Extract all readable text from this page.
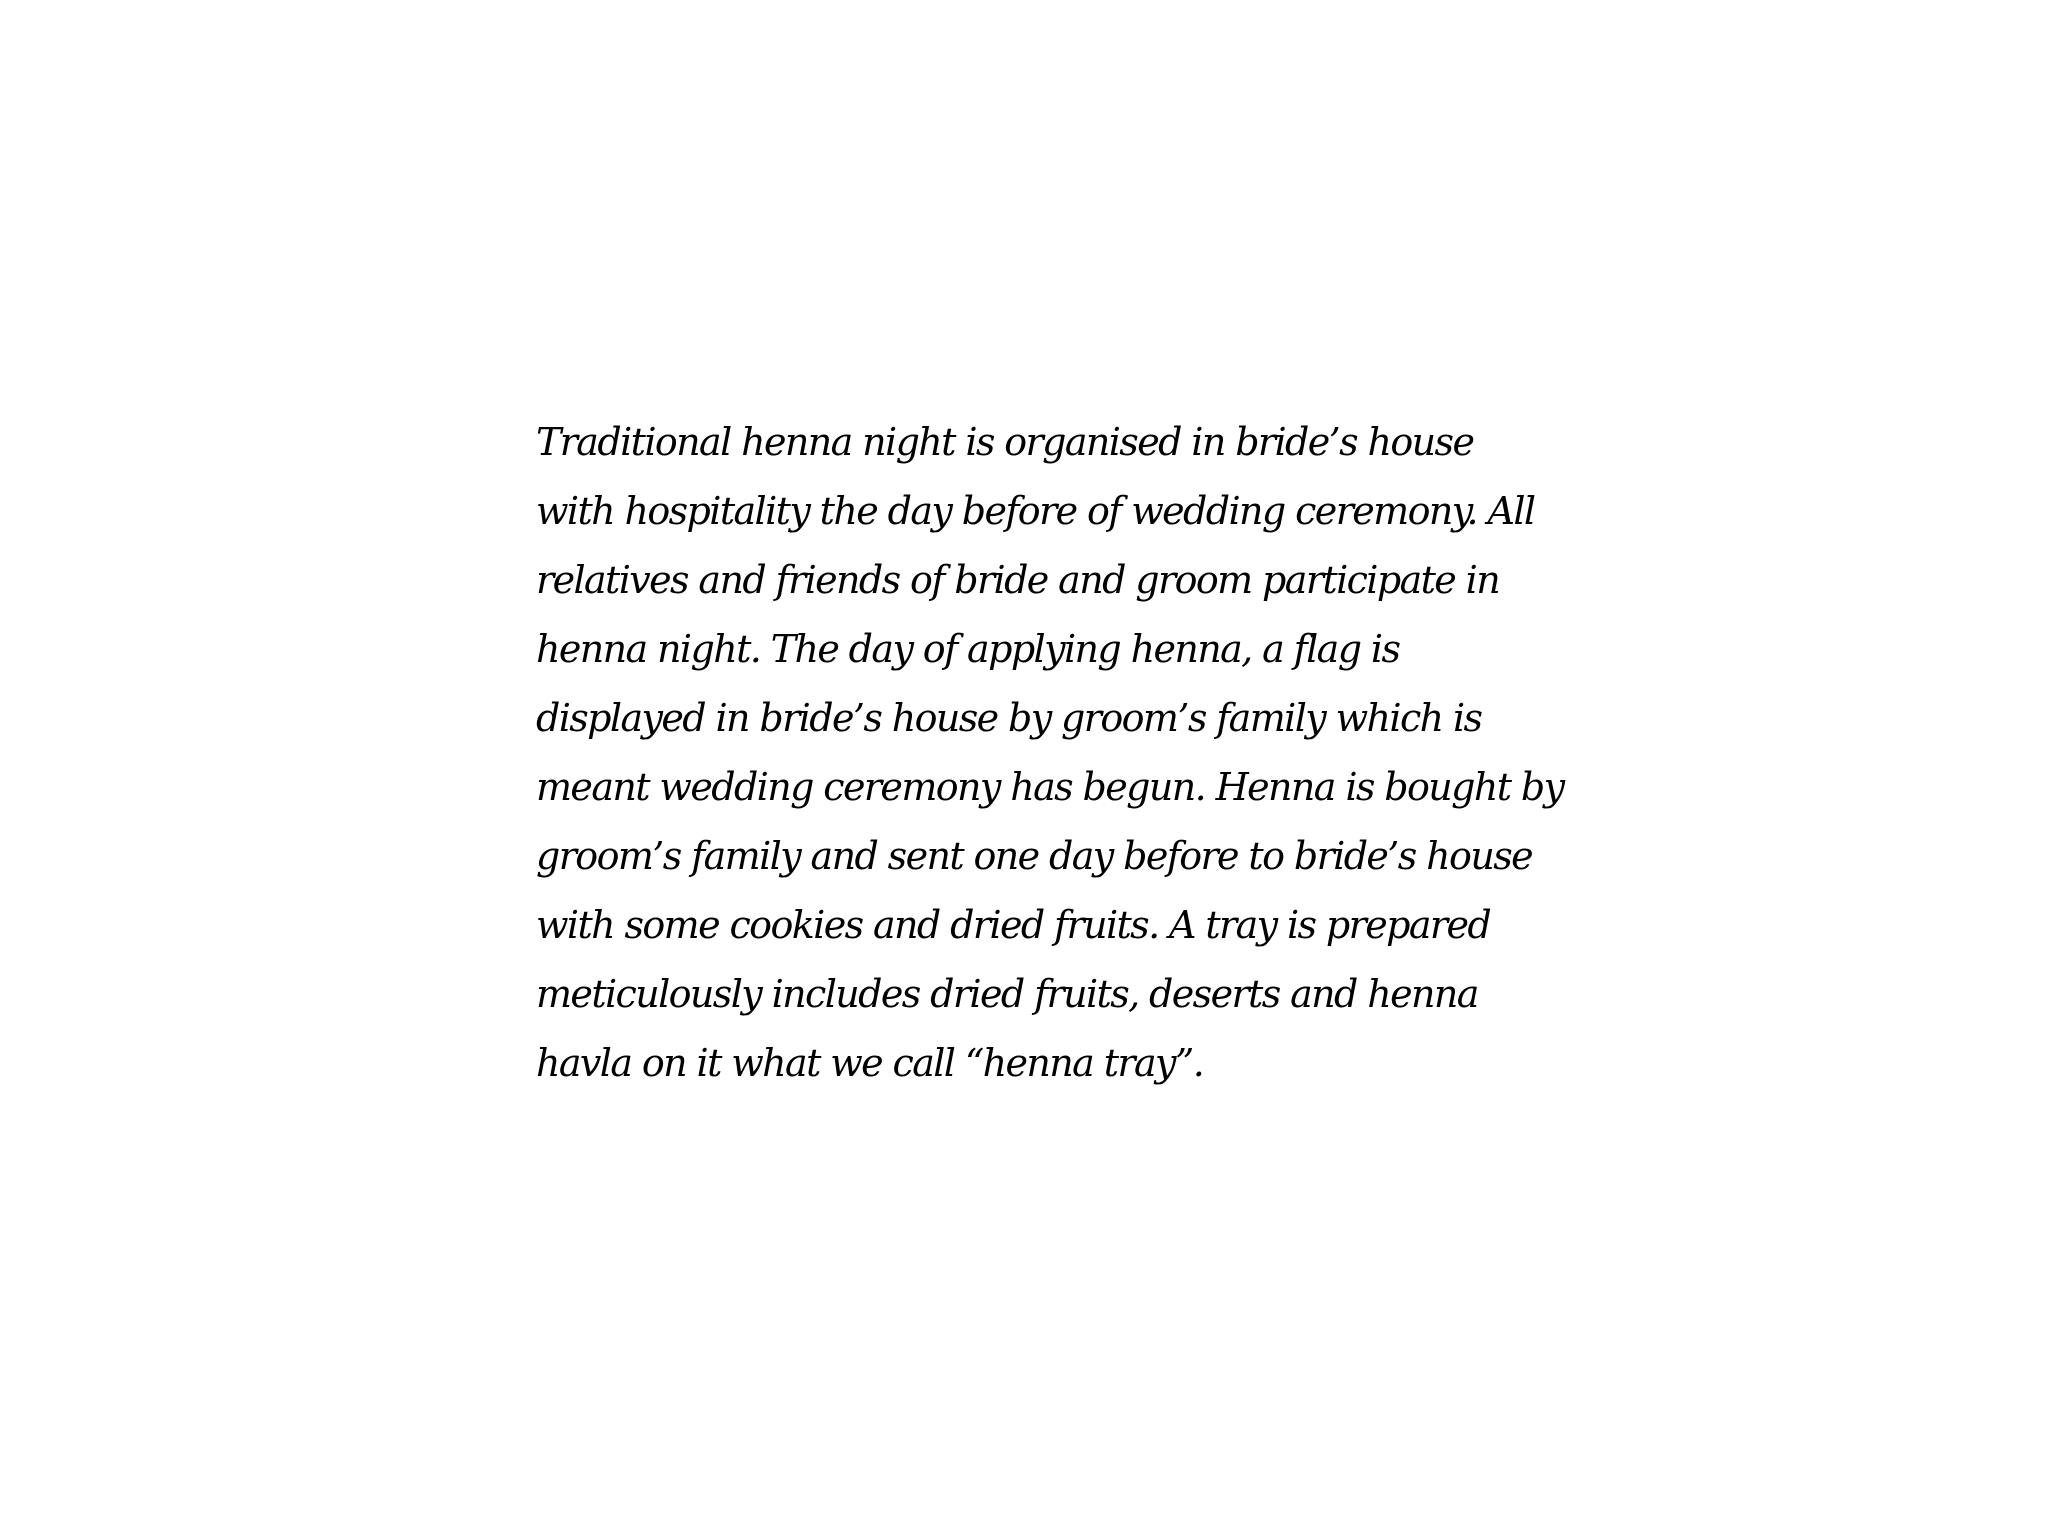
Traditional henna night is organised in bride’s house
with hospitality the day before of wedding ceremony. All
relatives and friends of bride and groom participate in
henna night. The day of applying henna, a flag is
displayed in bride’s house by groom’s family which is
meant wedding ceremony has begun. Henna is bought by
groom’s family and sent one day before to bride’s house
with some cookies and dried fruits. A tray is prepared
meticulously includes dried fruits, deserts and henna
havla on it what we call “henna tray”.
